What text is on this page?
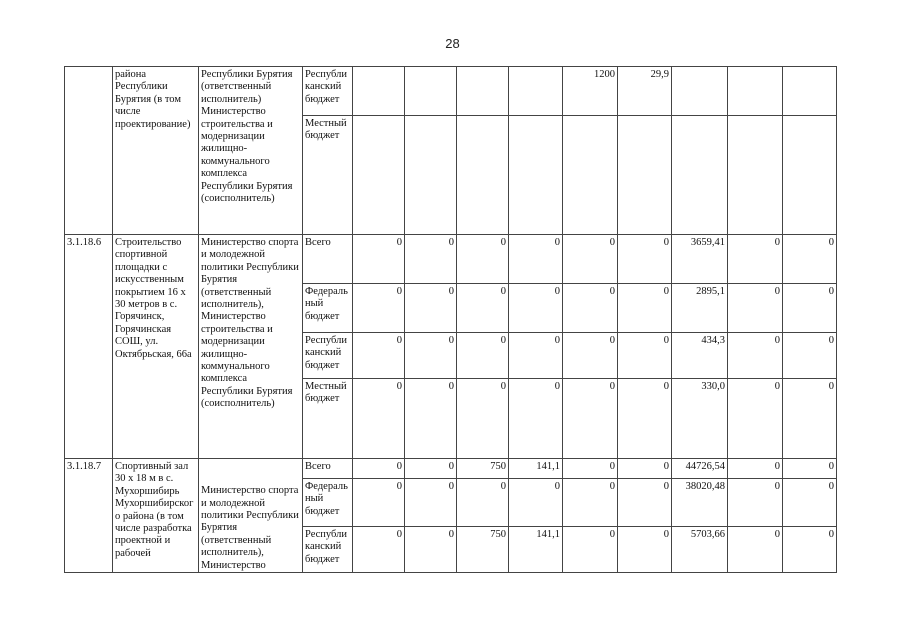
28
	района Республики Бурятия (в том числе проектирование)	Республики Бурятия (ответственный исполнитель) Министерство строительства и модернизации жилищно-коммунального комплекса Республики Бурятия (соисполнитель)	Республиканский бюджет					1200	29,9			
			Местный бюджет									
3.1.18.6	Строительство спортивной площадки с искусственным покрытием 16 х 30 метров в с. Горячинск, Горячинская СОШ, ул. Октябрьская, 66а	Министерство спорта и молодежной политики Республики Бурятия (ответственный исполнитель), Министерство строительства и модернизации жилищно-коммунального комплекса Республики Бурятия (соисполнитель)	Всего	0	0	0	0	0	0	3659,41	0	0
			Федеральный бюджет	0	0	0	0	0	0	2895,1	0	0
			Республиканский бюджет	0	0	0	0	0	0	434,3	0	0
			Местный бюджет	0	0	0	0	0	0	330,0	0	0
3.1.18.7	Спортивный зал 30 х 18 м в с. Мухоршибирь Мухоршибирского района (в том числе разработка проектной и рабочей	Министерство спорта и молодежной политики Республики Бурятия (ответственный исполнитель), Министерство	Всего	0	0	750	141,1	0	0	44726,54	0	0
			Федеральный бюджет	0	0	0	0	0	0	38020,48	0	0
			Республиканский бюджет	0	0	750	141,1	0	0	5703,66	0	0
